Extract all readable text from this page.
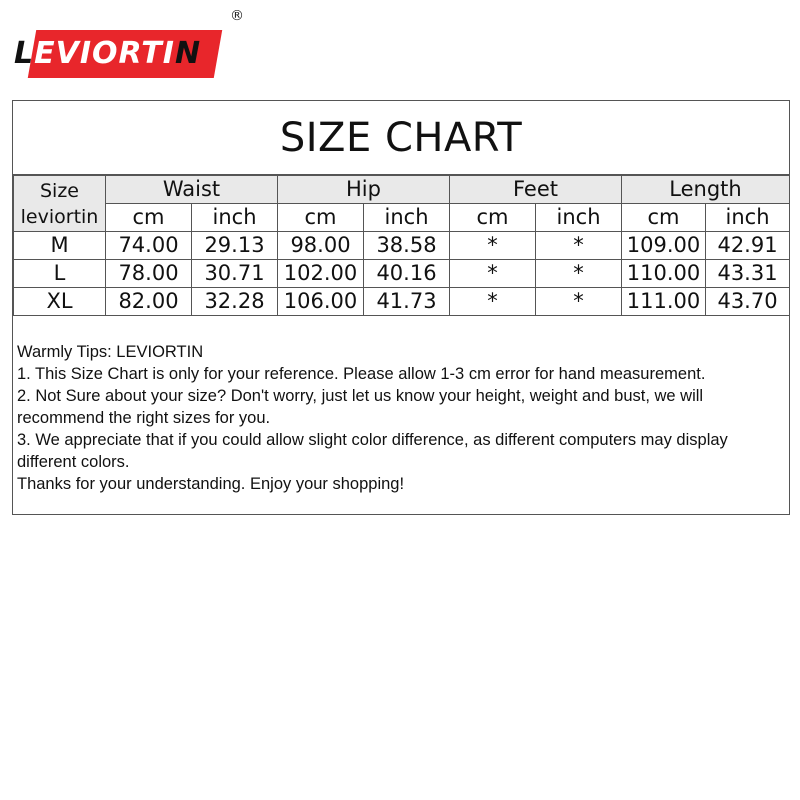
LEVIORTIN
®
SIZE CHART
Size
leviortin	Waist		Hip		Feet		Length	
	cm	inch	cm	inch	cm	inch	cm	inch
M	74.00	29.13	98.00	38.58	*	*	109.00	42.91
L	78.00	30.71	102.00	40.16	*	*	110.00	43.31
XL	82.00	32.28	106.00	41.73	*	*	111.00	43.70
Warmly Tips: LEVIORTIN
1. This Size Chart is only for your reference. Please allow 1-3 cm error for hand measurement.
2. Not Sure about your size? Don't worry, just let us know your height, weight and bust, we will recommend the right sizes for you.
3. We appreciate that if you could allow slight color difference, as different computers may display different colors.
Thanks for your understanding. Enjoy your shopping!
